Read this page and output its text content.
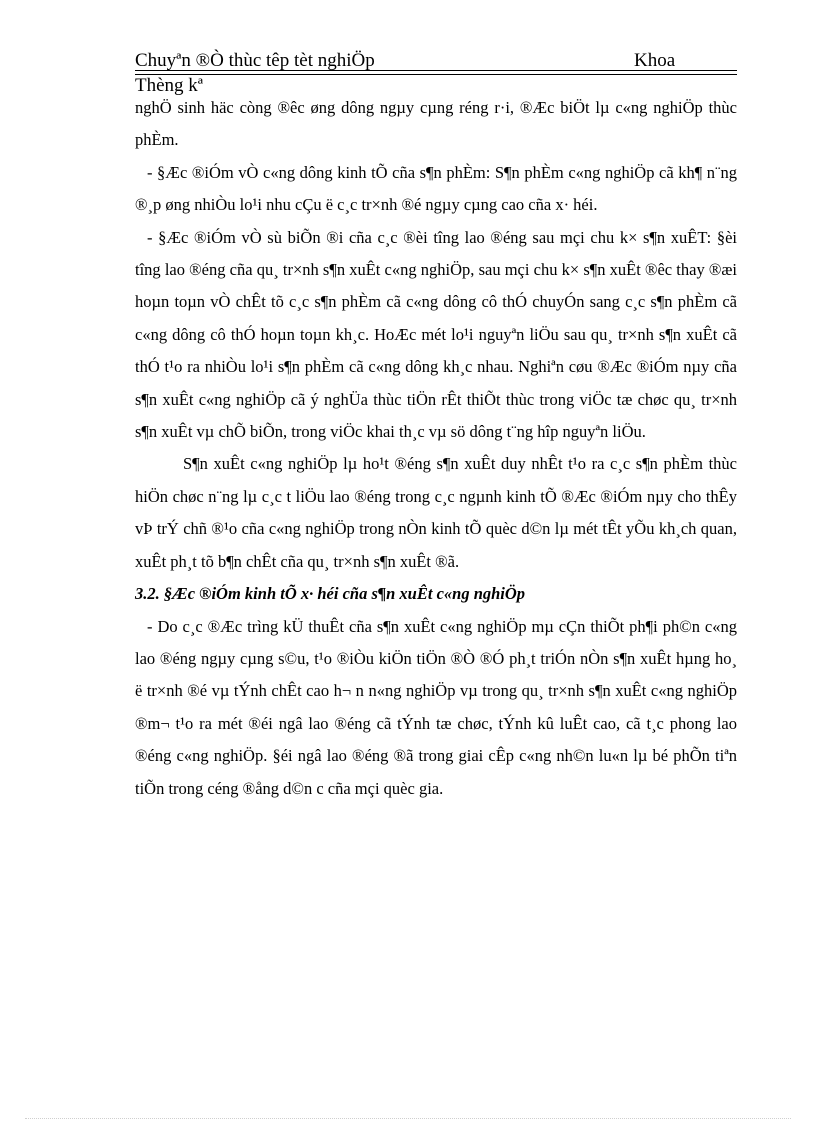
Chuyªn ®Ò thùc têp tèt nghiÖp	Khoa
Thèng kª

nghÖ sinh häc còng ®êc øng dông ngµy cµng réng r·i, ®Æc biÖt lµ c«ng nghiÖp thùc phÈm.

- §Æc ®iÓm vÒ c«ng dông kinh tÕ cña s¶n phÈm: S¶n phÈm c«ng nghiÖp cã kh¶ n¨ng ®¸p øng nhiÒu lo¹i nhu cÇu ë c¸c tr×nh ®é ngµy cµng cao cña x· héi.

- §Æc ®iÓm vÒ sù biÕn ®i cña c¸c ®èi tîng lao ®éng sau mçi chu k× s¶n xuÊT: §èi tîng lao ®éng cña qu¸ tr×nh s¶n xuÊt c«ng nghiÖp, sau mçi chu k× s¶n xuÊt ®êc thay ®æi hoµn toµn vÒ chÊt tõ c¸c s¶n phÈm cã c«ng dông cô thÓ chuyÓn sang c¸c s¶n phÈm cã c«ng dông cô thÓ hoµn toµn kh¸c. HoÆc mét lo¹i nguyªn liÖu sau qu¸ tr×nh s¶n xuÊt cã thÓ t¹o ra nhiÒu lo¹i s¶n phÈm cã c«ng dông kh¸c nhau. Nghiªn cøu ®Æc ®iÓm nµy cña s¶n xuÊt c«ng nghiÖp cã ý nghÜa thùc tiÖn rÊt thiÕt thùc trong viÖc tæ chøc qu¸ tr×nh s¶n xuÊt vµ chÕ biÕn, trong viÖc khai th¸c vµ sö dông t¨ng hîp nguyªn liÖu.

S¶n xuÊt c«ng nghiÖp lµ ho¹t ®éng s¶n xuÊt duy nhÊt t¹o ra c¸c s¶n phÈm thùc hiÖn chøc n¨ng lµ c¸c t liÖu lao ®éng trong c¸c ngµnh kinh tÕ ®Æc ®iÓm nµy cho thÊy vÞ trÝ chñ ®¹o cña c«ng nghiÖp trong nÒn kinh tÕ quèc d©n lµ mét tÊt yÕu kh¸ch quan, xuÊt ph¸t tõ b¶n chÊt cña qu¸ tr×nh s¶n xuÊt ®ã.

3.2. §Æc ®iÓm kinh tÕ x· héi cña s¶n xuÊt c«ng nghiÖp

- Do c¸c ®Æc trìng kÜ thuÊt cña s¶n xuÊt c«ng nghiÖp mµ cÇn thiÕt ph¶i ph©n c«ng lao ®éng ngµy cµng s©u, t¹o ®iÒu kiÖn tiÖn ®Ò ®Ó ph¸t triÓn nÒn s¶n xuÊt hµng ho¸ ë tr×nh ®é vµ tÝnh chÊt cao h¬ n n«ng nghiÖp vµ trong qu¸ tr×nh s¶n xuÊt c«ng nghiÖp ®m¬ t¹o ra mét ®éi ngâ lao ®éng cã tÝnh tæ chøc, tÝnh kû luÊt cao, cã t¸c phong lao ®éng c«ng nghiÖp. §éi ngâ lao ®éng ®ã trong giai cÊp c«ng nh©n lu«n lµ bé phÕn tiªn tiÕn trong céng ®ång d©n c cña mçi quèc gia.
